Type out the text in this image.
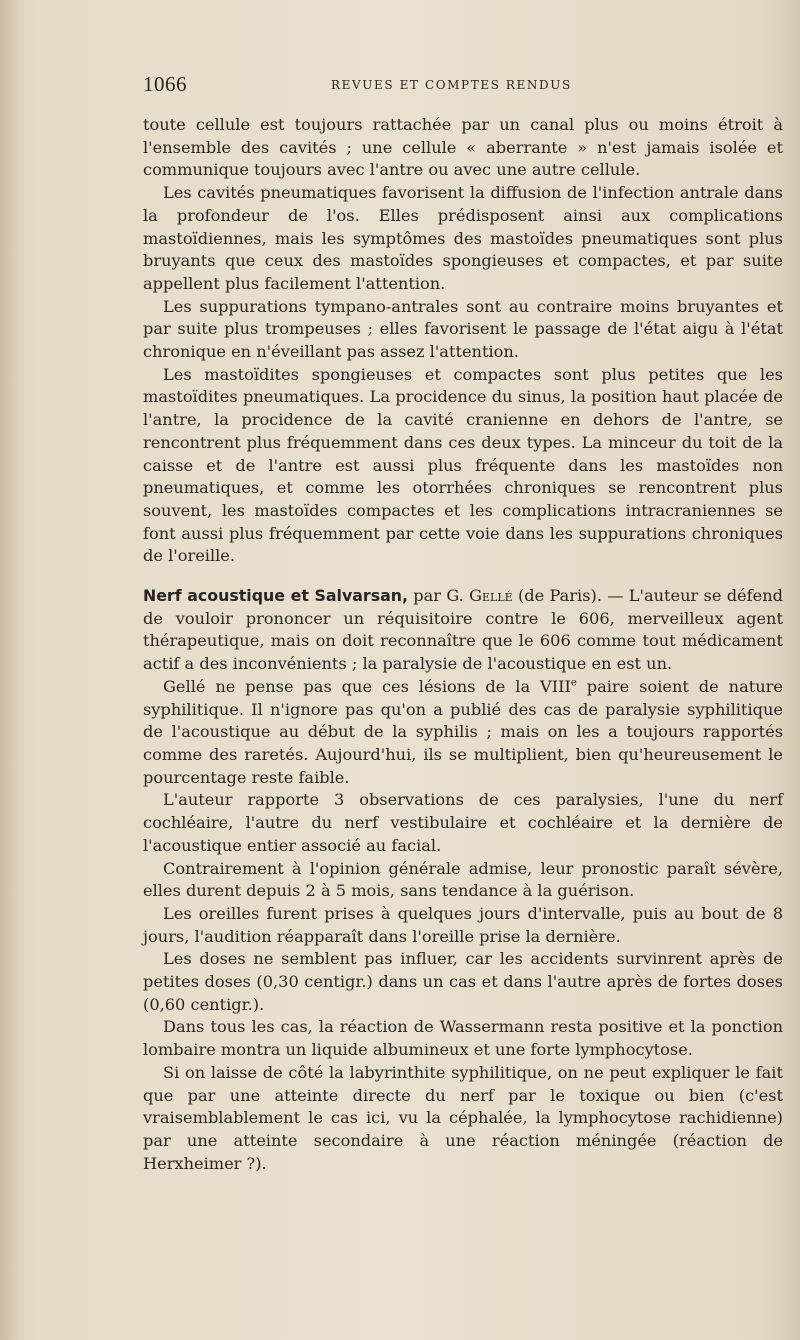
1066	REVUES ET COMPTES RENDUS

toute cellule est toujours rattachée par un canal plus ou moins étroit à l'ensemble des cavités ; une cellule « aberrante » n'est jamais isolée et communique toujours avec l'antre ou avec une autre cellule.

Les cavités pneumatiques favorisent la diffusion de l'infection antrale dans la profondeur de l'os. Elles prédisposent ainsi aux complications mastoïdiennes, mais les symptômes des mastoïdes pneumatiques sont plus bruyants que ceux des mastoïdes spongieuses et compactes, et par suite appellent plus facilement l'attention.

Les suppurations tympano-antrales sont au contraire moins bruyantes et par suite plus trompeuses ; elles favorisent le passage de l'état aigu à l'état chronique en n'éveillant pas assez l'attention.

Les mastoïdites spongieuses et compactes sont plus petites que les mastoïdites pneumatiques. La procidence du sinus, la position haut placée de l'antre, la procidence de la cavité cranienne en dehors de l'antre, se rencontrent plus fréquemment dans ces deux types. La minceur du toit de la caisse et de l'antre est aussi plus fréquente dans les mastoïdes non pneumatiques, et comme les otorrhées chroniques se rencontrent plus souvent, les mastoïdes compactes et les complications intracraniennes se font aussi plus fréquemment par cette voie dans les suppurations chroniques de l'oreille.

Nerf acoustique et Salvarsan, par G. Gellé (de Paris). — L'auteur se défend de vouloir prononcer un réquisitoire contre le 606, merveilleux agent thérapeutique, mais on doit reconnaître que le 606 comme tout médicament actif a des inconvénients ; la paralysie de l'acoustique en est un.

Gellé ne pense pas que ces lésions de la VIIIe paire soient de nature syphilitique. Il n'ignore pas qu'on a publié des cas de paralysie syphilitique de l'acoustique au début de la syphilis ; mais on les a toujours rapportés comme des raretés. Aujourd'hui, ils se multiplient, bien qu'heureusement le pourcentage reste faible.

L'auteur rapporte 3 observations de ces paralysies, l'une du nerf cochléaire, l'autre du nerf vestibulaire et cochléaire et la dernière de l'acoustique entier associé au facial.

Contrairement à l'opinion générale admise, leur pronostic paraît sévère, elles durent depuis 2 à 5 mois, sans tendance à la guérison.

Les oreilles furent prises à quelques jours d'intervalle, puis au bout de 8 jours, l'audition réapparaît dans l'oreille prise la dernière.

Les doses ne semblent pas influer, car les accidents survinrent après de petites doses (0,30 centigr.) dans un cas et dans l'autre après de fortes doses (0,60 centigr.).

Dans tous les cas, la réaction de Wassermann resta positive et la ponction lombaire montra un liquide albumineux et une forte lymphocytose.

Si on laisse de côté la labyrinthite syphilitique, on ne peut expliquer le fait que par une atteinte directe du nerf par le toxique ou bien (c'est vraisemblablement le cas ici, vu la céphalée, la lymphocytose rachidienne) par une atteinte secondaire à une réaction méningée (réaction de Herxheimer ?).
